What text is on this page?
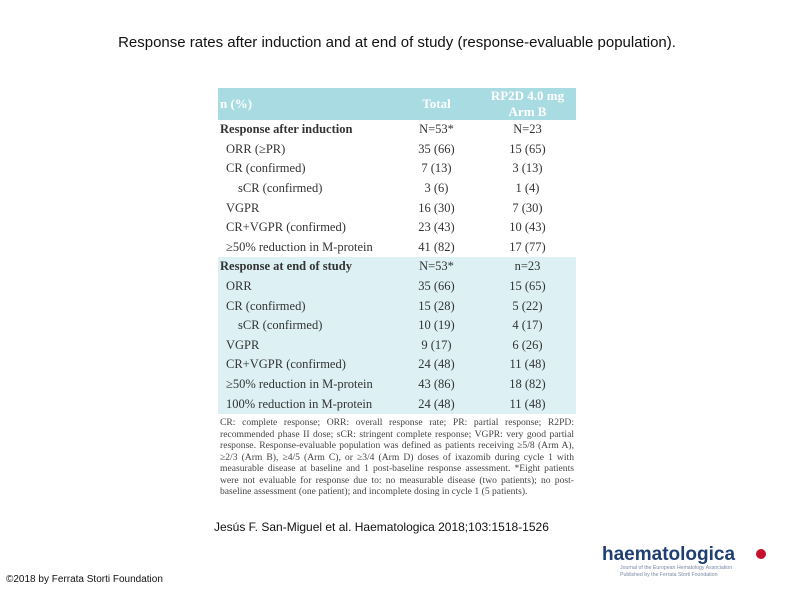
Response rates after induction and at end of study (response-evaluable population).
n (%)	Total	RP2D 4.0 mg Arm B
Response after induction	N=53*	N=23
ORR (≥PR)	35 (66)	15 (65)
CR (confirmed)	7 (13)	3 (13)
sCR (confirmed)	3 (6)	1 (4)
VGPR	16 (30)	7 (30)
CR+VGPR (confirmed)	23 (43)	10 (43)
≥50% reduction in M-protein	41 (82)	17 (77)
Response at end of study	N=53*	n=23
ORR	35 (66)	15 (65)
CR (confirmed)	15 (28)	5 (22)
sCR (confirmed)	10 (19)	4 (17)
VGPR	9 (17)	6 (26)
CR+VGPR (confirmed)	24 (48)	11 (48)
≥50% reduction in M-protein	43 (86)	18 (82)
100% reduction in M-protein	24 (48)	11 (48)
CR: complete response; ORR: overall response rate; PR: partial response; R2PD: recommended phase II dose; sCR: stringent complete response; VGPR: very good partial response. Response-evaluable population was defined as patients receiving ≥5/8 (Arm A), ≥2/3 (Arm B), ≥4/5 (Arm C), or ≥3/4 (Arm D) doses of ixazomib during cycle 1 with measurable disease at baseline and 1 post-baseline response assessment. *Eight patients were not evaluable for response due to: no measurable disease (two patients); no post-baseline assessment (one patient); and incomplete dosing in cycle 1 (5 patients).
Jesús F. San-Miguel et al. Haematologica 2018;103:1518-1526
©2018 by Ferrata Storti Foundation
haematologica
Journal of the European Hematology Association
Published by the Ferrata Storti Foundation
